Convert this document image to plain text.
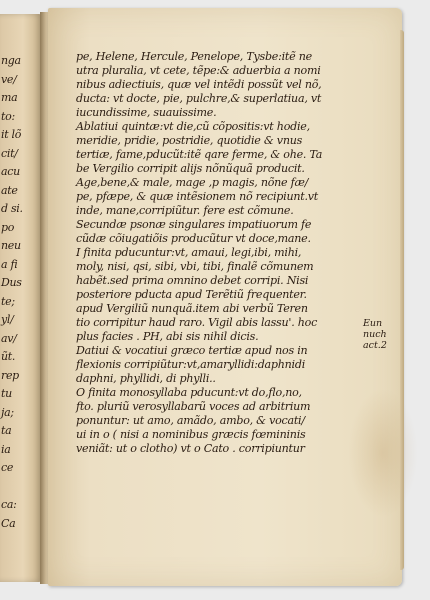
nga
ve/
ma
to:
it lõ
cit/
acu
ate
d si.
po
neu
a fi
Dus
te;
yl/
av/
ũt.
rep
tu
ja;
ta
ia
ce
ca:
Ca
pe, Helene, Hercule, Penelope, Tysbe:itẽ ne
utra pluralia, vt cete, tẽpe:& aduerbia a nomi
nibus adiectiuis, quæ vel intẽdi possũt vel nõ,
ducta: vt docte, pie, pulchre,& superlatiua, vt
iucundissime, suauissime.
Ablatiui quintæ:vt die,cũ cõpositis:vt hodie,
meridie, pridie, postridie, quotidie & vnus
tertiæ, fame,pducũt:itẽ qare ferme, & ohe. Ta
be Vergilio corripit alijs nõnũquã producit.
Age,bene,& male, mage ,p magis, nõne fæ/
pe, pfæpe, & quæ intẽsionem nõ recipiunt.vt
inde, mane,corripiũtur. fere est cõmune.
Secundæ psonæ singulares impatiuorum fe
cũdæ cõiugatiõis producũtur vt doce,mane.
I finita pducuntur:vt, amaui, legi,ibi, mihi,
moly, nisi, qsi, sibi, vbi, tibi, finalẽ cõmunem
habẽt.sed prima omnino debet corripi. Nisi
posteriore pducta apud Terẽtiũ frequenter.
apud Vergiliũ nunquã.item abi verbũ Teren
tio corripitur haud raro. Vigil abis lassu'. hoc
plus facies . PH, abi sis nihil dicis.
Datiui & vocatiui græco tertiæ apud nos in
flexionis corripiũtur:vt,amaryllidi:daphnidi
daphni, phyllidi, di phylli..
O finita monosyllaba pducunt:vt do,flo,no,
fto. pluriũ verosyllabarũ voces ad arbitrium
ponuntur: ut amo, amãdo, ambo, & vocati/
ui in o ( nisi a nominibus græcis fœmininis
veniãt: ut o clotho) vt o Cato . corripiuntur
Eun
nuch
act.2
